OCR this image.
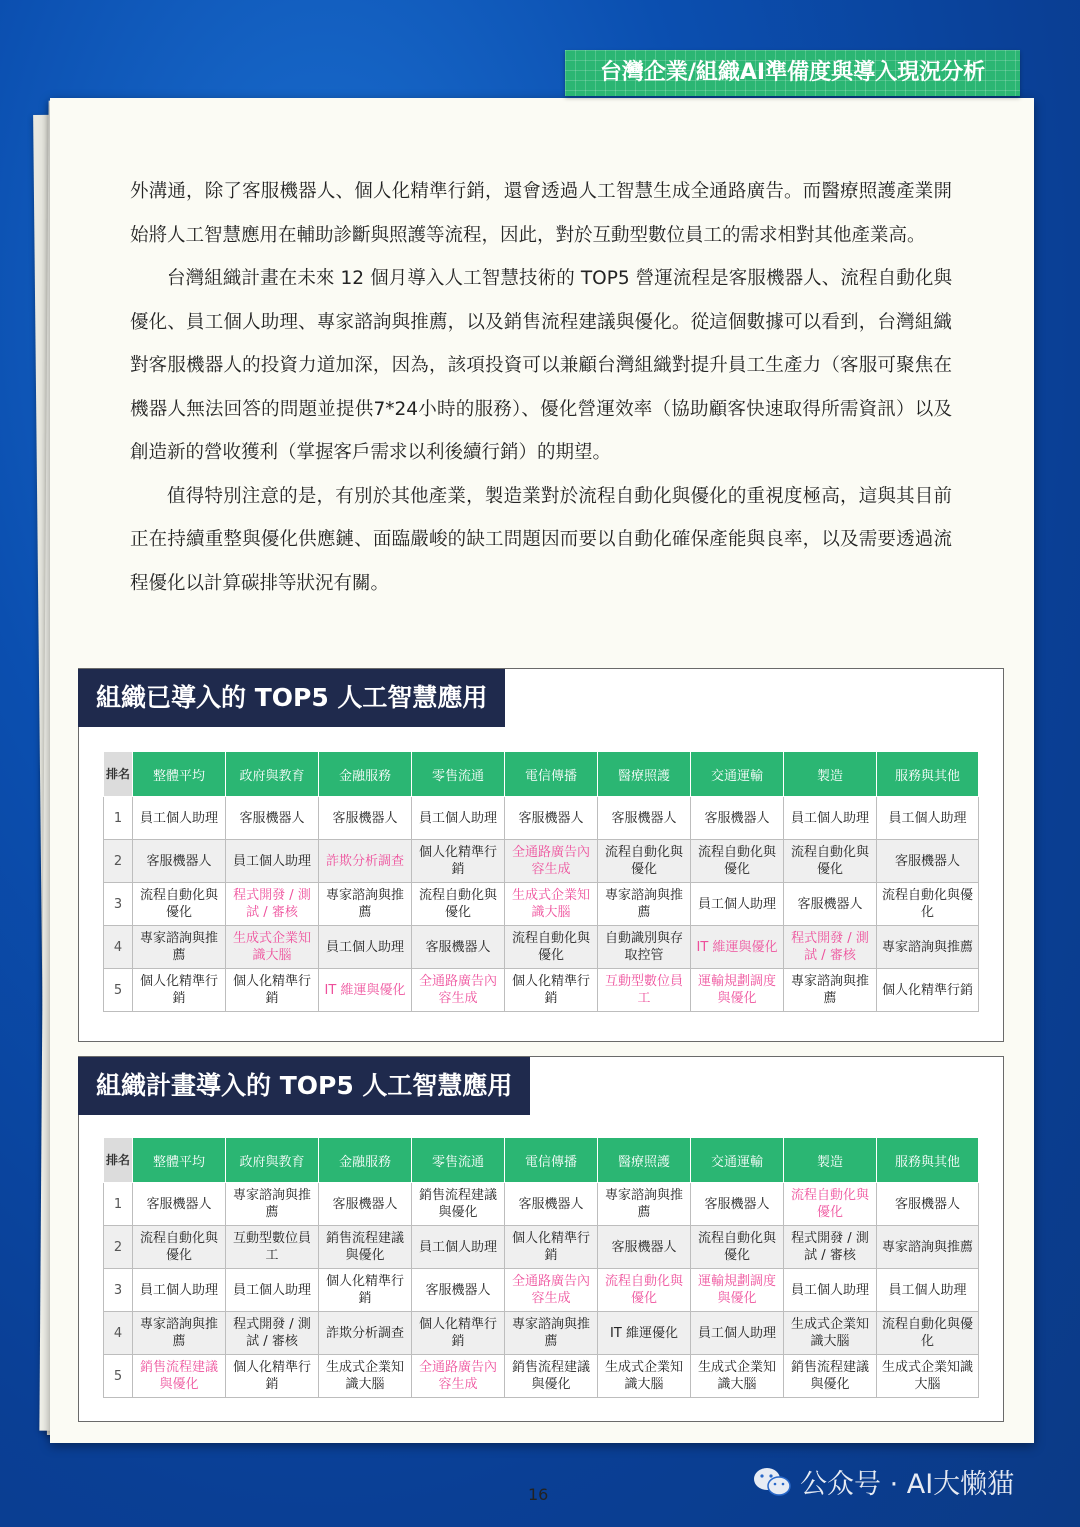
台灣企業/組織AI準備度與導入現況分析

外溝通，除了客服機器人、個人化精準行銷，還會透過人工智慧生成全通路廣告。而醫療照護產業開始將人工智慧應用在輔助診斷與照護等流程，因此，對於互動型數位員工的需求相對其他產業高。

台灣組織計畫在未來 12 個月導入人工智慧技術的 TOP5 營運流程是客服機器人、流程自動化與優化、員工個人助理、專家諮詢與推薦，以及銷售流程建議與優化。從這個數據可以看到，台灣組織對客服機器人的投資力道加深，因為，該項投資可以兼顧台灣組織對提升員工生產力（客服可聚焦在機器人無法回答的問題並提供7*24小時的服務）、優化營運效率（協助顧客快速取得所需資訊）以及創造新的營收獲利（掌握客戶需求以利後續行銷）的期望。

值得特別注意的是，有別於其他產業，製造業對於流程自動化與優化的重視度極高，這與其目前正在持續重整與優化供應鏈、面臨嚴峻的缺工問題因而要以自動化確保產能與良率，以及需要透過流程優化以計算碳排等狀況有關。

排名	整體平均	政府與教育	金融服務	零售流通	電信傳播	醫療照護	交通運輸	製造	服務與其他
1	員工個人助理	客服機器人	客服機器人	員工個人助理	客服機器人	客服機器人	客服機器人	員工個人助理	員工個人助理
2	客服機器人	員工個人助理	詐欺分析調查	個人化精準行銷	全通路廣告內容生成	流程自動化與優化	流程自動化與優化	流程自動化與優化	客服機器人
3	流程自動化與優化	程式開發 / 測試 / 審核	專家諮詢與推薦	流程自動化與優化	生成式企業知識大腦	專家諮詢與推薦	員工個人助理	客服機器人	流程自動化與優化
4	專家諮詢與推薦	生成式企業知識大腦	員工個人助理	客服機器人	流程自動化與優化	自動識別與存取控管	IT 維運與優化	程式開發 / 測試 / 審核	專家諮詢與推薦
5	個人化精準行銷	個人化精準行銷	IT 維運與優化	全通路廣告內容生成	個人化精準行銷	互動型數位員工	運輸規劃調度與優化	專家諮詢與推薦	個人化精準行銷
組織已導入的 TOP5 人工智慧應用
排名	整體平均	政府與教育	金融服務	零售流通	電信傳播	醫療照護	交通運輸	製造	服務與其他
1	客服機器人	專家諮詢與推薦	客服機器人	銷售流程建議與優化	客服機器人	專家諮詢與推薦	客服機器人	流程自動化與優化	客服機器人
2	流程自動化與優化	互動型數位員工	銷售流程建議與優化	員工個人助理	個人化精準行銷	客服機器人	流程自動化與優化	程式開發 / 測試 / 審核	專家諮詢與推薦
3	員工個人助理	員工個人助理	個人化精準行銷	客服機器人	全通路廣告內容生成	流程自動化與優化	運輸規劃調度與優化	員工個人助理	員工個人助理
4	專家諮詢與推薦	程式開發 / 測試 / 審核	詐欺分析調查	個人化精準行銷	專家諮詢與推薦	IT 維運優化	員工個人助理	生成式企業知識大腦	流程自動化與優化
5	銷售流程建議與優化	個人化精準行銷	生成式企業知識大腦	全通路廣告內容生成	銷售流程建議與優化	生成式企業知識大腦	生成式企業知識大腦	銷售流程建議與優化	生成式企業知識大腦
組織計畫導入的 TOP5 人工智慧應用
16	公众号 · AI大懒猫
